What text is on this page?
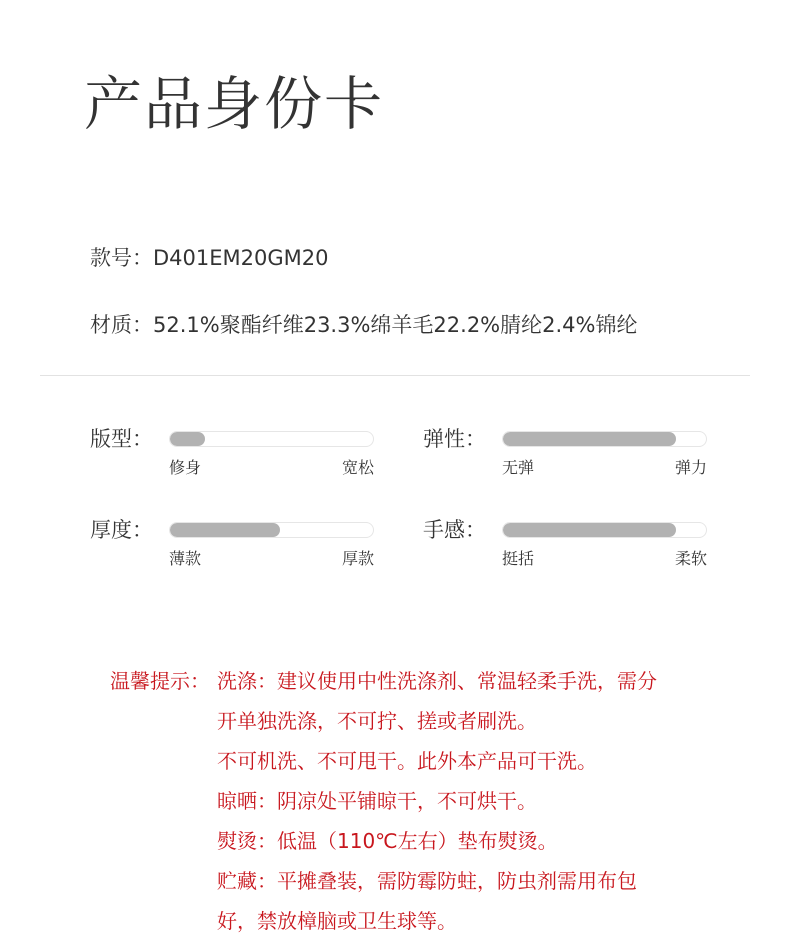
产品身份卡
款号：D401EM20GM20
材质：52.1%聚酯纤维23.3%绵羊毛22.2%腈纶2.4%锦纶
版型：
修身	宽松
弹性：
无弹	弹力
厚度：
薄款	厚款
手感：
挺括	柔软
温馨提示： 洗涤：建议使用中性洗涤剂、常温轻柔手洗，需分
开单独洗涤，不可拧、搓或者刷洗。
不可机洗、不可甩干。此外本产品可干洗。
晾晒：阴凉处平铺晾干，不可烘干。
熨烫：低温（110℃左右）垫布熨烫。
贮藏：平摊叠装，需防霉防蛀，防虫剂需用布包
好，禁放樟脑或卫生球等。
